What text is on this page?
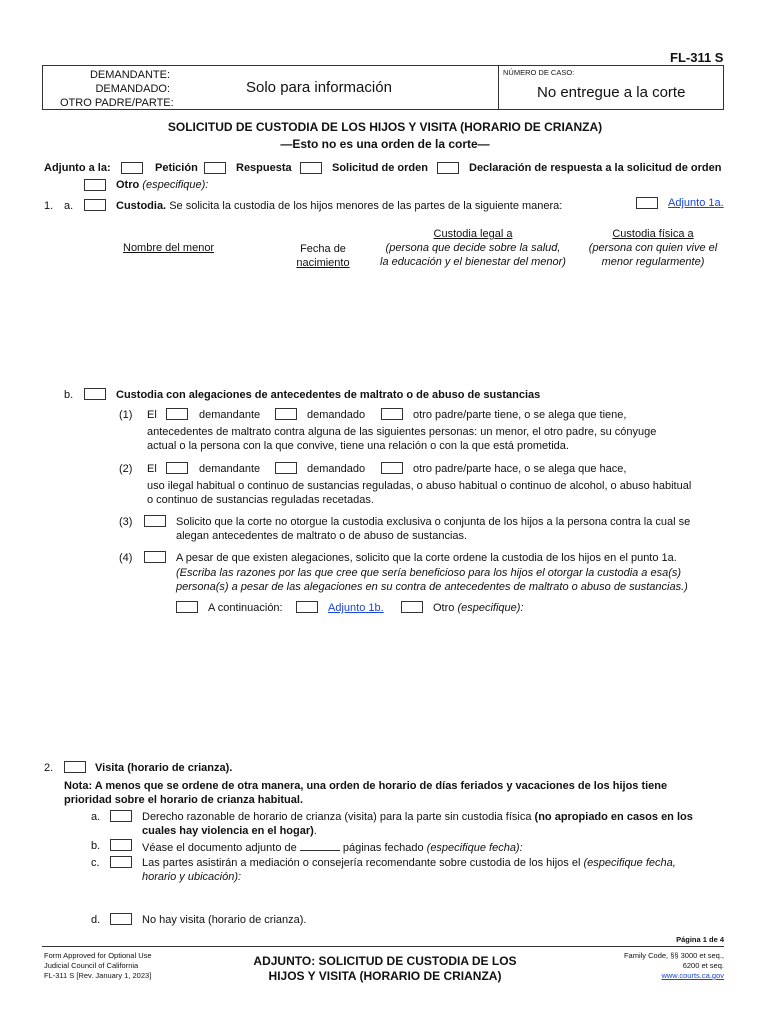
FL-311 S
DEMANDANTE:
DEMANDADO:
OTRO PADRE/PARTE:
Solo para información
NÚMERO DE CASO:
No entregue a la corte
SOLICITUD DE CUSTODIA DE LOS HIJOS Y VISITA (HORARIO DE CRIANZA)
—Esto no es una orden de la corte—
Adjunto a la:	Petición	Respuesta	Solicitud de orden	Declaración de respuesta a la solicitud de orden
Otro (especifique):
1. a.	Custodia. Se solicita la custodia de los hijos menores de las partes de la siguiente manera:	Adjunto 1a.
Nombre del menor	Fecha de
nacimiento
Custodia legal a
(persona que decide sobre la salud,
la educación y el bienestar del menor)
Custodia física a
(persona con quien vive el
menor regularmente)
b.	Custodia con alegaciones de antecedentes de maltrato o de abuso de sustancias
(1) El	demandante	demandado	otro padre/parte tiene, o se alega que tiene,
antecedentes de maltrato contra alguna de las siguientes personas: un menor, el otro padre, su cónyuge
actual o la persona con la que convive, tiene una relación o con la que está prometida.
(2) El	demandante	demandado	otro padre/parte hace, o se alega que hace,
uso ilegal habitual o continuo de sustancias reguladas, o abuso habitual o continuo de alcohol, o abuso habitual
o continuo de sustancias reguladas recetadas.
(3)	Solicito que la corte no otorgue la custodia exclusiva o conjunta de los hijos a la persona contra la cual se
alegan antecedentes de maltrato o de abuso de sustancias.
(4)	A pesar de que existen alegaciones, solicito que la corte ordene la custodia de los hijos en el punto 1a.
(Escriba las razones por las que cree que sería beneficioso para los hijos el otorgar la custodia a esa(s)
persona(s) a pesar de las alegaciones en su contra de antecedentes de maltrato o abuso de sustancias.)
A continuación:	Adjunto 1b.	Otro (especifique):
2.	Visita (horario de crianza).
Nota: A menos que se ordene de otra manera, una orden de horario de días feriados y vacaciones de los hijos tiene
prioridad sobre el horario de crianza habitual.
a.	Derecho razonable de horario de crianza (visita) para la parte sin custodia física (no apropiado en casos en los
cuales hay violencia en el hogar).
b.	Véase el documento adjunto de	páginas fechado (especifique fecha):
c.	Las partes asistirán a mediación o consejería recomendante sobre custodia de los hijos el (especifique fecha,
horario y ubicación):
d.	No hay visita (horario de crianza).
Página 1 de 4
Form Approved for Optional Use
Judicial Council of California
FL-311 S [Rev. January 1, 2023]
ADJUNTO: SOLICITUD DE CUSTODIA DE LOS
HIJOS Y VISITA (HORARIO DE CRIANZA)
Family Code, §§ 3000 et seq.,
6200 et seq.
www.courts.ca.gov
